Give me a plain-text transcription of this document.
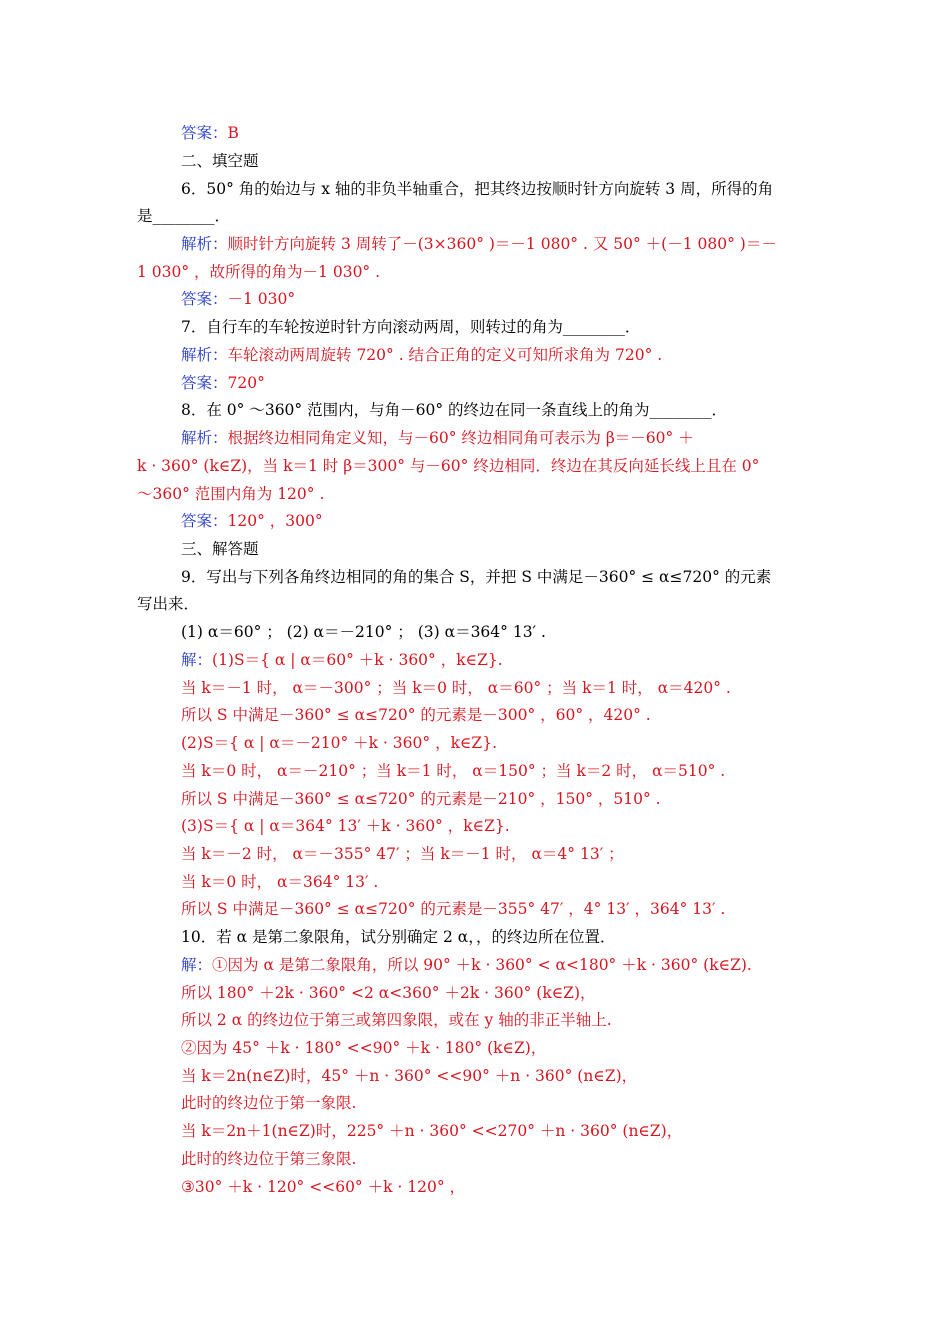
答案：B
二、填空题
6．50° 角的始边与 x 轴的非负半轴重合，把其终边按顺时针方向旋转 3 周，所得的角
是________．
解析：顺时针方向旋转 3 周转了－(3×360° )＝－1 080° . 又 50° ＋(－1 080° )＝－
1 030° ，故所得的角为－1 030° .
答案：－1 030°
7．自行车的车轮按逆时针方向滚动两周，则转过的角为________．
解析：车轮滚动两周旋转 720° . 结合正角的定义可知所求角为 720° .
答案：720°
8．在 0° ～360° 范围内，与角－60° 的终边在同一条直线上的角为________．
解析：根据终边相同角定义知，与－60° 终边相同角可表示为 β＝－60° ＋
k · 360° (k∈Z)，当 k＝1 时 β＝300° 与－60° 终边相同．终边在其反向延长线上且在 0°
～360° 范围内角为 120° .
答案：120° ，300°
三、解答题
9．写出与下列各角终边相同的角的集合 S，并把 S 中满足－360° ≤ α≤720° 的元素
写出来．
(1) α＝60° ； (2) α＝－210° ； (3) α＝364° 13′ .
解：(1)S＝{ α | α＝60° ＋k · 360° ，k∈Z}.
当 k＝－1 时， α＝－300° ；当 k＝0 时， α＝60° ；当 k＝1 时， α＝420° .
所以 S 中满足－360° ≤ α≤720° 的元素是－300° ，60° ，420° .
(2)S＝{ α | α＝－210° ＋k · 360° ，k∈Z}.
当 k＝0 时， α＝－210° ；当 k＝1 时， α＝150° ；当 k＝2 时， α＝510° .
所以 S 中满足－360° ≤ α≤720° 的元素是－210° ，150° ，510° .
(3)S＝{ α | α＝364° 13′ ＋k · 360° ，k∈Z}.
当 k＝－2 时， α＝－355° 47′ ；当 k＝－1 时， α＝4° 13′ ；
当 k＝0 时， α＝364° 13′ .
所以 S 中满足－360° ≤ α≤720° 的元素是－355° 47′ ，4° 13′ ，364° 13′ .
10．若 α 是第二象限角，试分别确定 2 α，，的终边所在位置．
解：①因为 α 是第二象限角，所以 90° ＋k · 360° < α<180° ＋k · 360° (k∈Z).
所以 180° ＋2k · 360° <2 α<360° ＋2k · 360° (k∈Z)，
所以 2 α 的终边位于第三或第四象限，或在 y 轴的非正半轴上.
②因为 45° ＋k · 180° <<90° ＋k · 180° (k∈Z)，
当 k＝2n(n∈Z)时，45° ＋n · 360° <<90° ＋n · 360° (n∈Z)，
此时的终边位于第一象限.
当 k＝2n＋1(n∈Z)时，225° ＋n · 360° <<270° ＋n · 360° (n∈Z)，
此时的终边位于第三象限.
③30° ＋k · 120° <<60° ＋k · 120° ，
